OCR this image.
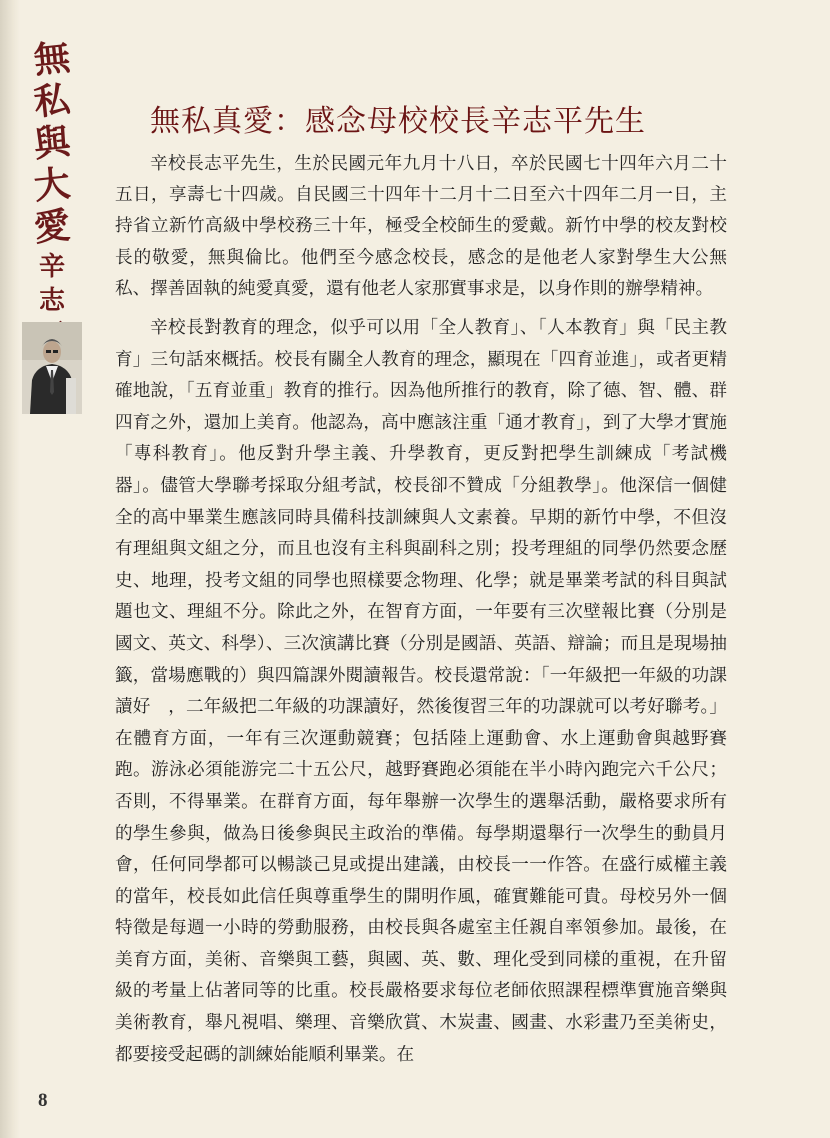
無
私
與
大
愛
辛
志
無私真愛：感念母校校長辛志平先生

辛校長志平先生，生於民國元年九月十八日，卒於民國七十四年六月二十五日，享壽七十四歲。自民國三十四年十二月十二日至六十四年二月一日，主持省立新竹高級中學校務三十年，極受全校師生的愛戴。新竹中學的校友對校長的敬愛，無與倫比。他們至今感念校長，感念的是他老人家對學生大公無私、擇善固執的純愛真愛，還有他老人家那實事求是，以身作則的辦學精神。

辛校長對教育的理念，似乎可以用「全人教育」、「人本教育」與「民主教育」三句話來概括。校長有關全人教育的理念，顯現在「四育並進」，或者更精確地說，「五育並重」教育的推行。因為他所推行的教育，除了德、智、體、群四育之外，還加上美育。他認為，高中應該注重「通才教育」，到了大學才實施「專科教育」。他反對升學主義、升學教育，更反對把學生訓練成「考試機器」。儘管大學聯考採取分組考試，校長卻不贊成「分組教學」。他深信一個健全的高中畢業生應該同時具備科技訓練與人文素養。早期的新竹中學，不但沒有理組與文組之分，而且也沒有主科與副科之別；投考理組的同學仍然要念歷史、地理，投考文組的同學也照樣要念物理、化學；就是畢業考試的科目與試題也文、理組不分。除此之外，在智育方面，一年要有三次壁報比賽（分別是國文、英文、科學）、三次演講比賽（分別是國語、英語、辯論；而且是現場抽籤，當場應戰的）與四篇課外閱讀報告。校長還常說：「一年級把一年級的功課讀好　，二年級把二年級的功課讀好，然後復習三年的功課就可以考好聯考。」在體育方面，一年有三次運動競賽；包括陸上運動會、水上運動會與越野賽跑。游泳必須能游完二十五公尺，越野賽跑必須能在半小時內跑完六千公尺；否則，不得畢業。在群育方面，每年舉辦一次學生的選舉活動，嚴格要求所有的學生參與，做為日後參與民主政治的準備。每學期還舉行一次學生的動員月會，任何同學都可以暢談己見或提出建議，由校長一一作答。在盛行威權主義的當年，校長如此信任與尊重學生的開明作風，確實難能可貴。母校另外一個特徵是每週一小時的勞動服務，由校長與各處室主任親自率領參加。最後，在美育方面，美術、音樂與工藝，與國、英、數、理化受到同樣的重視，在升留級的考量上佔著同等的比重。校長嚴格要求每位老師依照課程標準實施音樂與美術教育，舉凡視唱、樂理、音樂欣賞、木炭畫、國畫、水彩畫乃至美術史，都要接受起碼的訓練始能順利畢業。在

8
